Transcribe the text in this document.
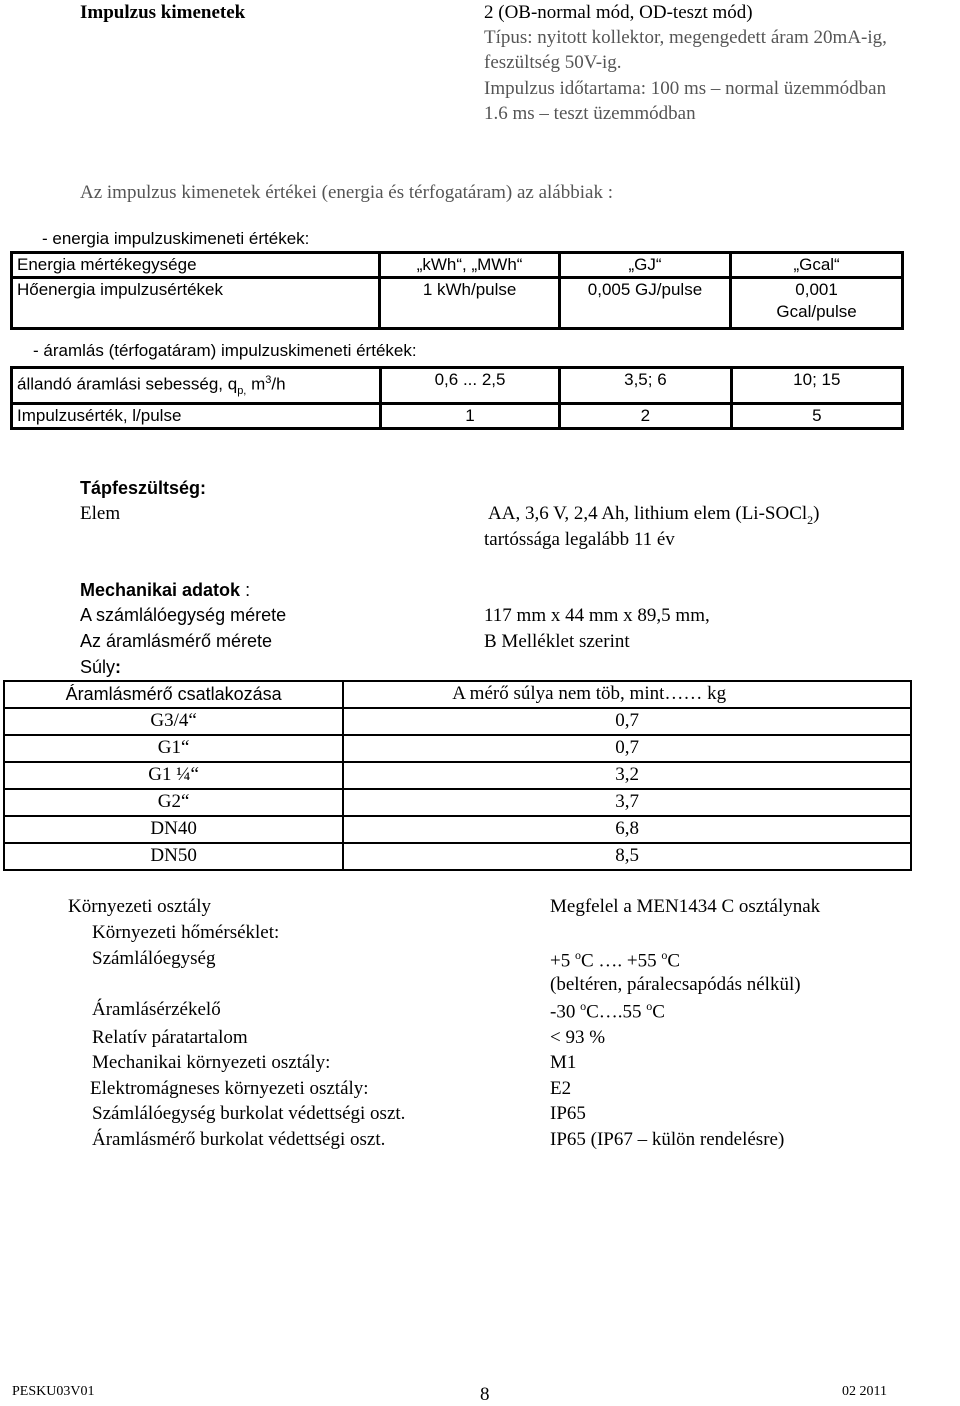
Impulzus kimenetek	2 (OB-normal mód, OD-teszt mód)
Típus: nyitott kollektor, megengedett áram 20mA-ig,
feszültség 50V-ig.
Impulzus időtartama: 100 ms – normal üzemmódban
1.6 ms – teszt üzemmódban
Az impulzus kimenetek értékei (energia és térfogatáram) az alábbiak :
- energia impulzuskimeneti értékek:
Energia mértékegysége	„kWh“, „MWh“	„GJ“	„Gcal“
Hőenergia impulzusértékek	1 kWh/pulse	0,005 GJ/pulse	0,001 Gcal/pulse
- áramlás (térfogatáram) impulzuskimeneti értékek:
állandó áramlási sebesség, $q_{p,}$ $m^3/h$	0,6 ... 2,5	3,5; 6	10; 15
Impulzusérték, l/pulse	1	2	5
Tápfeszültség:
Elem	AA, 3,6 V, 2,4 Ah, lithium elem (Li-SOCl$_2$)
tartóssága legalább 11 év
Mechanikai adatok :
A számlálóegység mérete	117 mm x 44 mm x 89,5 mm,
Az áramlásmérő mérete	B Melléklet szerint
Súly:
Áramlásmérő csatlakozása	A mérő súlya nem töb, mint…… kg
G3/4“	0,7
G1“	0,7
G1 ¼“	3,2
G2“	3,7
DN40	6,8
DN50	8,5
Környezeti osztály	Megfelel a MEN1434 C osztálynak
Környezeti hőmérséklet:
Számlálóegység	+5 $^o$C …. +55 $^o$C
(beltéren, páralecsapódás nélkül)
Áramlásérzékelő	-30 $^o$C….55 $^o$C
Relatív páratartalom	< 93 %
Mechanikai környezeti osztály:	M1
Elektromágneses környezeti osztály:	E2
Számlálóegység burkolat védettségi oszt.	IP65
Áramlásmérő burkolat védettségi oszt.	IP65 (IP67 – külön rendelésre)
PESKU03V01	8	02 2011
